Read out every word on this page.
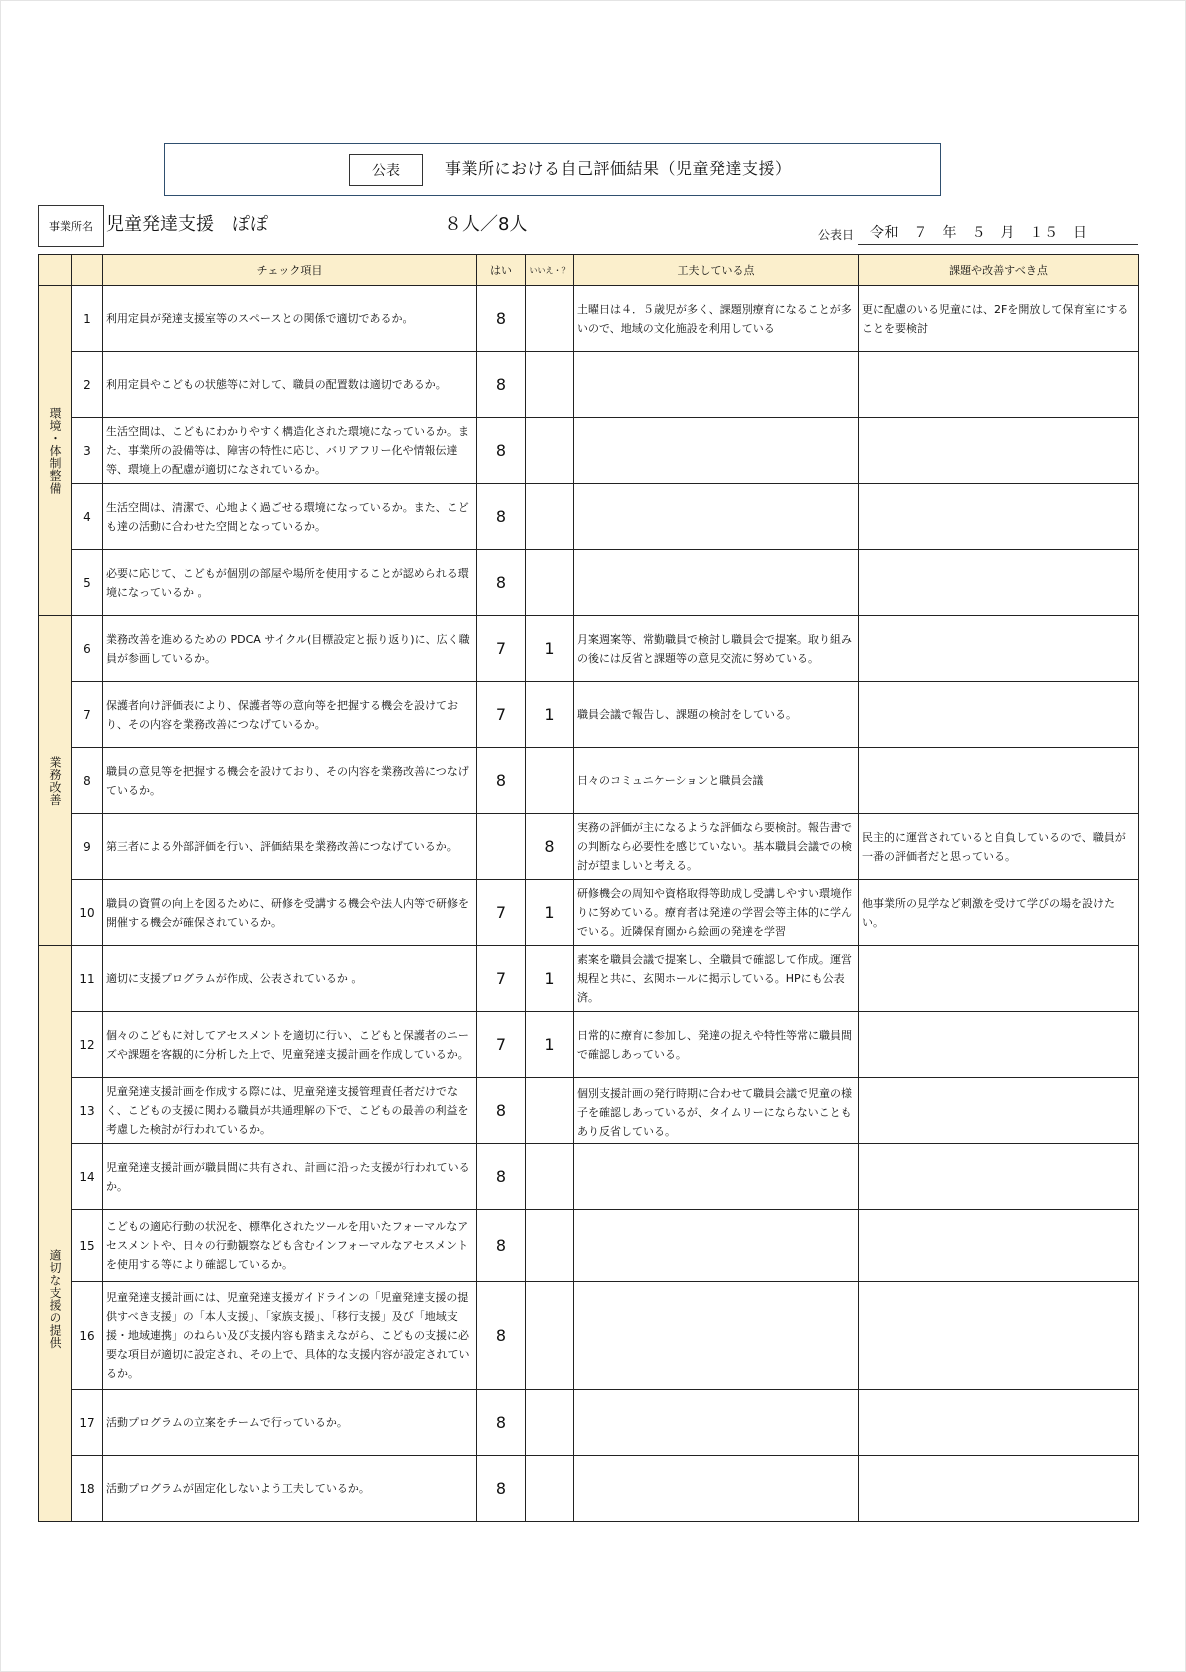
公表	事業所における自己評価結果（児童発達支援）
事業所名 児童発達支援　ぽぽ	８人／8人	公表日 令和　７　年　５　月　１５　日
		チェック項目	はい	いいえ・？	工夫している点	課題や改善すべき点
環境・体制整備	1	利用定員が発達支援室等のスペースとの関係で適切であるか。	8		土曜日は４．５歳児が多く、課題別療育になることが多いので、地域の文化施設を利用している	更に配慮のいる児童には、2Fを開放して保育室にすることを要検討
	2	利用定員やこどもの状態等に対して、職員の配置数は適切であるか。	8			
	3	生活空間は、こどもにわかりやすく構造化された環境になっているか。また、事業所の設備等は、障害の特性に応じ、バリアフリー化や情報伝達等、環境上の配慮が適切になされているか。	8			
	4	生活空間は、清潔で、心地よく過ごせる環境になっているか。また、こども達の活動に合わせた空間となっているか。	8			
	5	必要に応じて、こどもが個別の部屋や場所を使用することが認められる環境になっているか 。	8			
業務改善	6	業務改善を進めるための PDCA サイクル(目標設定と振り返り)に、広く職員が参画しているか。	7	1	月案週案等、常勤職員で検討し職員会で提案。取り組みの後には反省と課題等の意見交流に努めている。	
	7	保護者向け評価表により、保護者等の意向等を把握する機会を設けており、その内容を業務改善につなげているか。	7	1	職員会議で報告し、課題の検討をしている。	
	8	職員の意見等を把握する機会を設けており、その内容を業務改善につなげているか。	8		日々のコミュニケーションと職員会議	
	9	第三者による外部評価を行い、評価結果を業務改善につなげているか。		8	実務の評価が主になるような評価なら要検討。報告書での判断なら必要性を感じていない。基本職員会議での検討が望ましいと考える。	民主的に運営されていると自負しているので、職員が一番の評価者だと思っている。
	10	職員の資質の向上を図るために、研修を受講する機会や法人内等で研修を開催する機会が確保されているか。	7	1	研修機会の周知や資格取得等助成し受講しやすい環境作りに努めている。療育者は発達の学習会等主体的に学んでいる。近隣保育園から絵画の発達を学習	他事業所の見学など刺激を受けて学びの場を設けたい。
適切な支援の提供	11	適切に支援プログラムが作成、公表されているか 。	7	1	素案を職員会議で提案し、全職員で確認して作成。運営規程と共に、玄関ホールに掲示している。HPにも公表済。	
	12	個々のこどもに対してアセスメントを適切に行い、こどもと保護者のニーズや課題を客観的に分析した上で、児童発達支援計画を作成しているか。	7	1	日常的に療育に参加し、発達の捉えや特性等常に職員間で確認しあっている。	
	13	児童発達支援計画を作成する際には、児童発達支援管理責任者だけでなく、こどもの支援に関わる職員が共通理解の下で、こどもの最善の利益を考慮した検討が行われているか。	8		個別支援計画の発行時期に合わせて職員会議で児童の様子を確認しあっているが、タイムリーにならないこともあり反省している。	
	14	児童発達支援計画が職員間に共有され、計画に沿った支援が行われているか。	8			
	15	こどもの適応行動の状況を、標準化されたツールを用いたフォーマルなアセスメントや、日々の行動観察なども含むインフォーマルなアセスメントを使用する等により確認しているか。	8			
	16	児童発達支援計画には、児童発達支援ガイドラインの「児童発達支援の提供すべき支援」の「本人支援」、「家族支援」、「移行支援」及び「地域支援・地域連携」のねらい及び支援内容も踏まえながら、こどもの支援に必要な項目が適切に設定され、その上で、具体的な支援内容が設定されているか。	8			
	17	活動プログラムの立案をチームで行っているか。	8			
	18	活動プログラムが固定化しないよう工夫しているか。	8			
